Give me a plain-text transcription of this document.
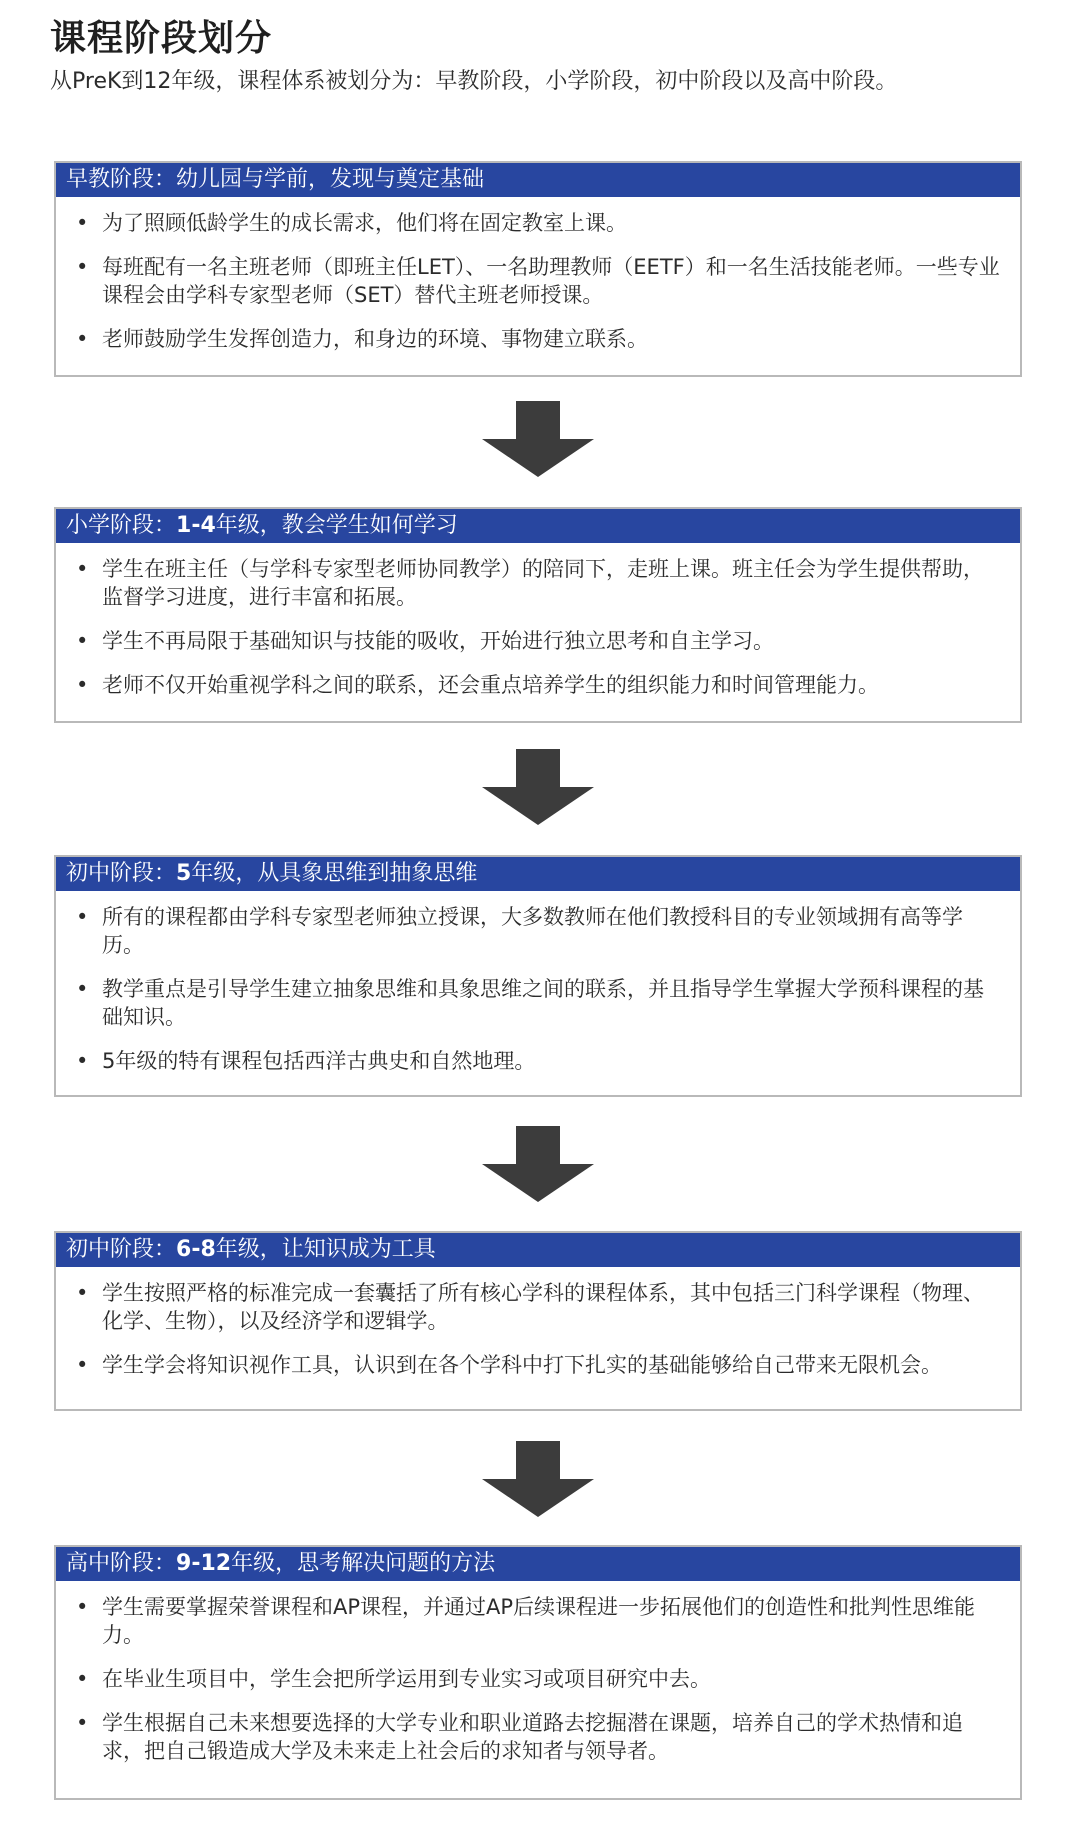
课程阶段划分
从PreK到12年级，课程体系被划分为：早教阶段，小学阶段，初中阶段以及高中阶段。
早教阶段：幼儿园与学前，发现与奠定基础
• 为了照顾低龄学生的成长需求，他们将在固定教室上课。
• 每班配有一名主班老师（即班主任LET）、一名助理教师（EETF）和一名生活技能老师。一些专业课程会由学科专家型老师（SET）替代主班老师授课。
• 老师鼓励学生发挥创造力，和身边的环境、事物建立联系。
小学阶段：1-4年级，教会学生如何学习
• 学生在班主任（与学科专家型老师协同教学）的陪同下，走班上课。班主任会为学生提供帮助，监督学习进度，进行丰富和拓展。
• 学生不再局限于基础知识与技能的吸收，开始进行独立思考和自主学习。
• 老师不仅开始重视学科之间的联系，还会重点培养学生的组织能力和时间管理能力。
初中阶段：5年级，从具象思维到抽象思维
• 所有的课程都由学科专家型老师独立授课，大多数教师在他们教授科目的专业领域拥有高等学历。
• 教学重点是引导学生建立抽象思维和具象思维之间的联系，并且指导学生掌握大学预科课程的基础知识。
• 5年级的特有课程包括西洋古典史和自然地理。
初中阶段：6-8年级，让知识成为工具
• 学生按照严格的标准完成一套囊括了所有核心学科的课程体系，其中包括三门科学课程（物理、化学、生物），以及经济学和逻辑学。
• 学生学会将知识视作工具，认识到在各个学科中打下扎实的基础能够给自己带来无限机会。
高中阶段：9-12年级，思考解决问题的方法
• 学生需要掌握荣誉课程和AP课程，并通过AP后续课程进一步拓展他们的创造性和批判性思维能力。
• 在毕业生项目中，学生会把所学运用到专业实习或项目研究中去。
• 学生根据自己未来想要选择的大学专业和职业道路去挖掘潜在课题，培养自己的学术热情和追求，把自己锻造成大学及未来走上社会后的求知者与领导者。
